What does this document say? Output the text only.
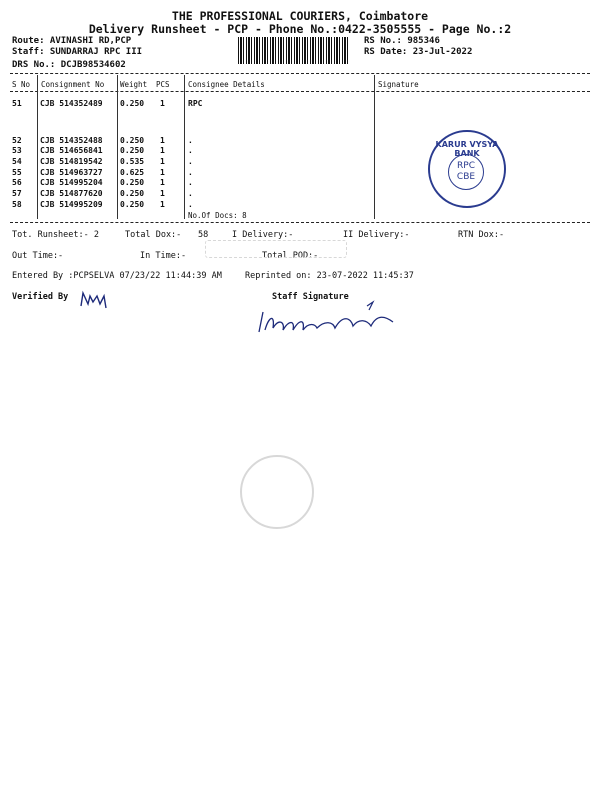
THE PROFESSIONAL COURIERS, Coimbatore
Delivery Runsheet - PCP - Phone No.:0422-3505555 - Page No.:2
Route: AVINASHI RD,PCP
Staff: SUNDARRAJ RPC III
DRS No.: DCJB98534602
RS No.: 985346
RS Date: 23-Jul-2022
S No Consignment No Weight PCS Consignee Details	Signature
51 CJB 514352489 0.250 1	RPC
52 CJB 514352488 0.250 1	.
53 CJB 514656841 0.250 1	.
54 CJB 514819542 0.535 1	.
55 CJB 514963727 0.625 1	.
56 CJB 514995204 0.250 1	.
57 CJB 514877620 0.250 1	.
58 CJB 514995209 0.250 1	.
No.Of Docs: 8
KARUR VYSYA BANK
RPC
CBE
Tot. Runsheet:- 2	Total Dox:- 58	I Delivery:-	II Delivery:-	RTN Dox:-
Out Time:-	In Time:-	Total POD:-
Entered By :PCPSELVA 07/23/22 11:44:39 AM	Reprinted on: 23-07-2022 11:45:37
Verified By	Staff Signature
